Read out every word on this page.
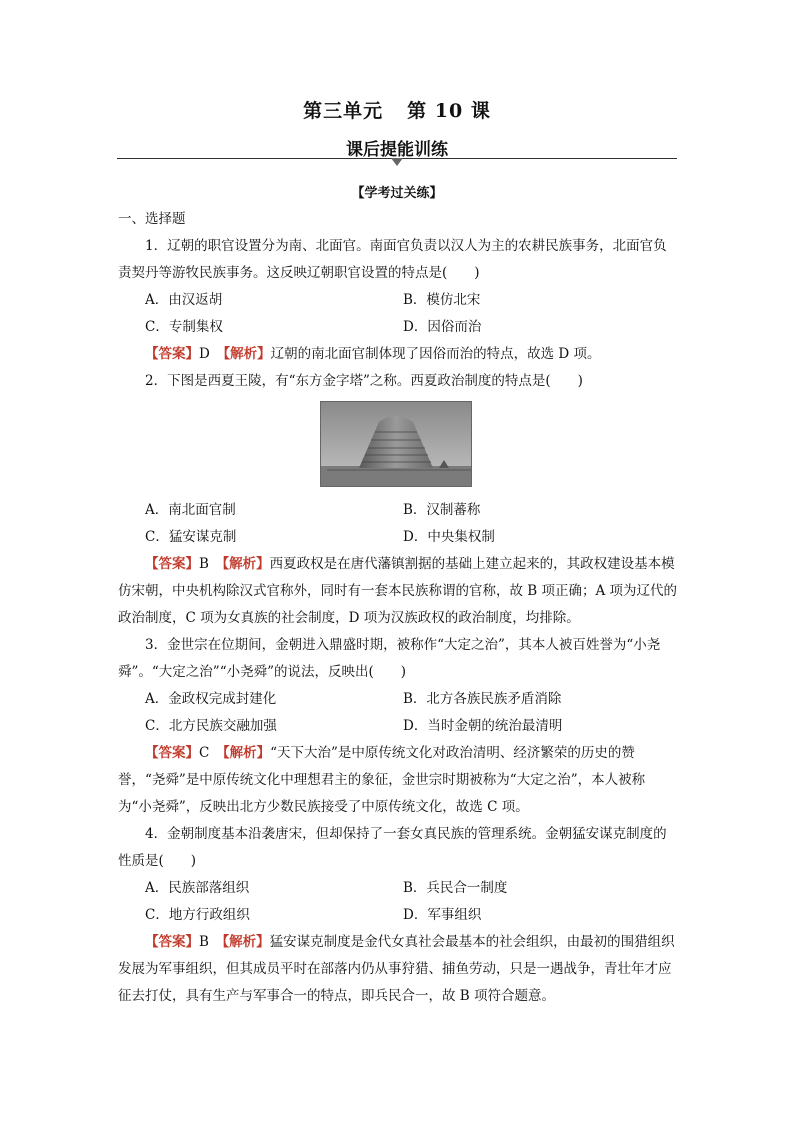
第三单元 第 10 课
课后提能训练
【学考过关练】

一、选择题

1．辽朝的职官设置分为南、北面官。南面官负责以汉人为主的农耕民族事务，北面官负责契丹等游牧民族事务。这反映辽朝职官设置的特点是(　　)

A．由汉返胡	B．模仿北宋
C．专制集权	D．因俗而治

【答案】D　 【解析】辽朝的南北面官制体现了因俗而治的特点，故选 D 项。

2．下图是西夏王陵，有“东方金字塔”之称。西夏政治制度的特点是(　　)

A．南北面官制	B．汉制蕃称
C．猛安谋克制	D．中央集权制

【答案】B　 【解析】西夏政权是在唐代藩镇割据的基础上建立起来的，其政权建设基本模仿宋朝，中央机构除汉式官称外，同时有一套本民族称谓的官称，故 B 项正确；A 项为辽代的政治制度，C 项为女真族的社会制度，D 项为汉族政权的政治制度，均排除。

3．金世宗在位期间，金朝进入鼎盛时期，被称作“大定之治”，其本人被百姓誉为“小尧舜”。“大定之治”“小尧舜”的说法，反映出(　　)

A．金政权完成封建化	B．北方各族民族矛盾消除
C．北方民族交融加强	D．当时金朝的统治最清明

【答案】C　 【解析】“天下大治”是中原传统文化对政治清明、经济繁荣的历史的赞誉，“尧舜”是中原传统文化中理想君主的象征，金世宗时期被称为“大定之治”，本人被称为“小尧舜”，反映出北方少数民族接受了中原传统文化，故选 C 项。

4．金朝制度基本沿袭唐宋，但却保持了一套女真民族的管理系统。金朝猛安谋克制度的性质是(　　)

A．民族部落组织	B．兵民合一制度
C．地方行政组织	D．军事组织

【答案】B　 【解析】猛安谋克制度是金代女真社会最基本的社会组织，由最初的围猎组织发展为军事组织，但其成员平时在部落内仍从事狩猎、捕鱼劳动，只是一遇战争，青壮年才应征去打仗，具有生产与军事合一的特点，即兵民合一，故 B 项符合题意。
